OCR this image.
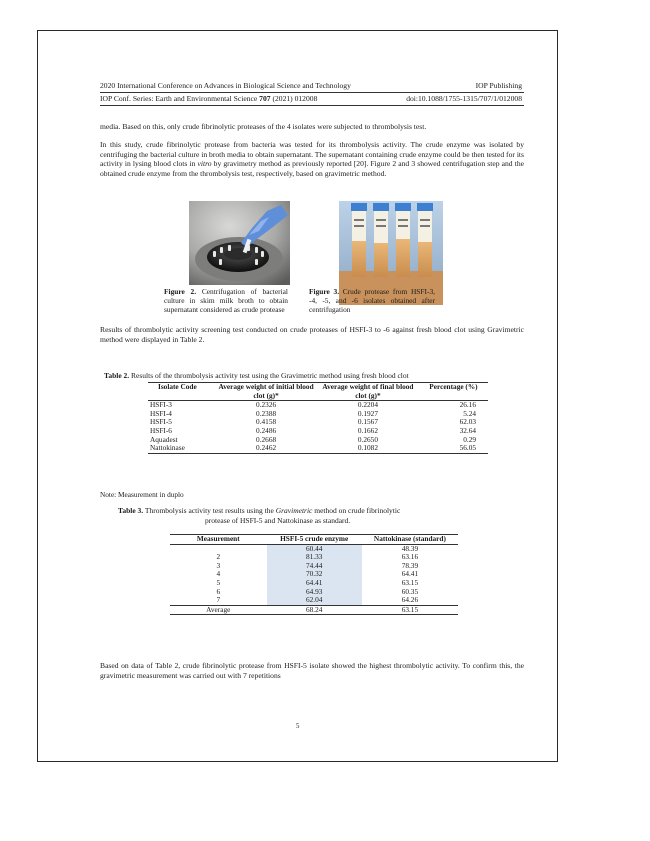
2020 International Conference on Advances in Biological Science and Technology	IOP Publishing
IOP Conf. Series: Earth and Environmental Science 707 (2021) 012008	doi:10.1088/1755-1315/707/1/012008
media. Based on this, only crude fibrinolytic proteases of the 4 isolates were subjected to thrombolysis test.
In this study, crude fibrinolytic protease from bacteria was tested for its thrombolysis activity. The crude enzyme was isolated by centrifuging the bacterial culture in broth media to obtain supernatant. The supernatant containing crude enzyme could be then tested for its activity in lysing blood clots in vitro by gravimetry method as previously reported [20]. Figure 2 and 3 showed centrifugation step and the obtained crude enzyme from the thrombolysis test, respectively, based on gravimetric method.
Figure 2. Centrifugation of bacterial culture in skim milk broth to obtain supernatant considered as crude protease
Figure 3. Crude protease from HSFI-3, -4, -5, and -6 isolates obtained after centrifugation
Results of thrombolytic activity screening test conducted on crude proteases of HSFI-3 to -6 against fresh blood clot using Gravimetric method were displayed in Table 2.
Table 2. Results of the thrombolysis activity test using the Gravimetric method using fresh blood clot
Isolate Code	Average weight of initial blood clot (g)*	Average weight of final blood clot (g)*	Percentage (%)
HSFI-3	0.2326	0.2204	26.16
HSFI-4	0.2388	0.1927	5.24
HSFI-5	0.4158	0.1567	62.03
HSFI-6	0.2486	0.1662	32.64
Aquadest	0.2668	0.2650	0.29
Nattokinase	0.2462	0.1082	56.05
Note: Measurement in duplo
Table 3. Thrombolysis activity test results using the Gravimetric method on crude fibrinolytic
protease of HSFI-5 and Nattokinase as standard.
Measurement	HSFI-5 crude enzyme	Nattokinase (standard)
	60.44	48.39
2	81.33	63.16
3	74.44	78.39
4	70.32	64.41
5	64.41	63.15
6	64.93	60.35
7	62.04	64.26
Average	68.24	63.15
Based on data of Table 2, crude fibrinolytic protease from HSFI-5 isolate showed the highest thrombolytic activity. To confirm this, the gravimetric measurement was carried out with 7 repetitions
5
